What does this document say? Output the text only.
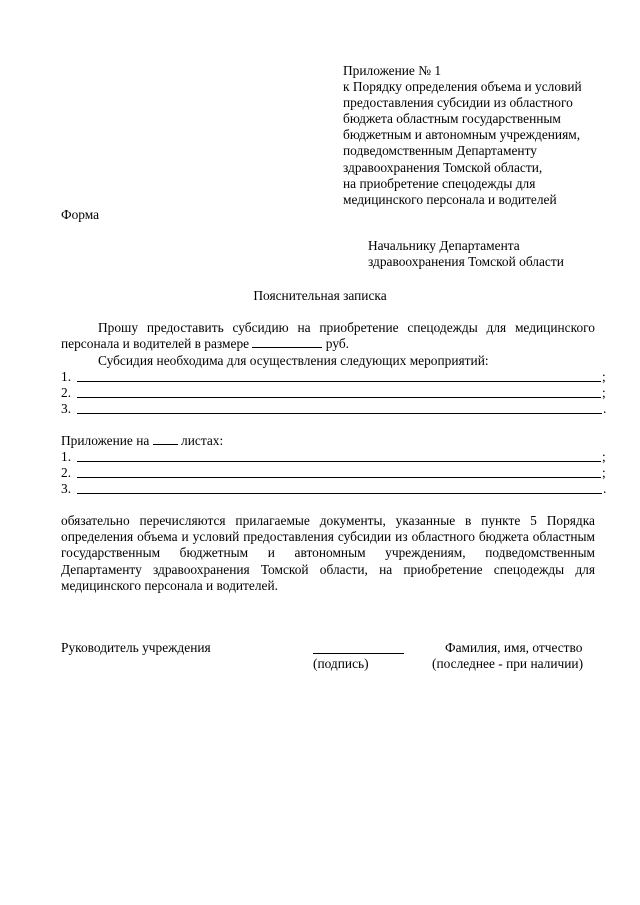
Приложение № 1
к Порядку определения объема и условий
предоставления субсидии из областного
бюджета областным государственным
бюджетным и автономным учреждениям,
подведомственным Департаменту
здравоохранения Томской области,
на приобретение спецодежды для
медицинского персонала и водителей
Форма
Начальнику Департамента
здравоохранения Томской области
Пояснительная записка
Прошу предоставить субсидию на приобретение спецодежды для медицинского персонала и водителей в размере	руб.
Субсидия необходима для осуществления следующих мероприятий:
1.	;
2.	;
3.	.
Приложение на листах:
1.	;
2.	;
3.	.
обязательно перечисляются прилагаемые документы, указанные в пункте 5 Порядка определения объема и условий предоставления субсидии из областного бюджета областным государственным бюджетным и автономным учреждениям, подведомственным Департаменту здравоохранения Томской области, на приобретение спецодежды для медицинского персонала и водителей.
Руководитель учреждения	Фамилия, имя, отчество
(подпись)	(последнее - при наличии)
